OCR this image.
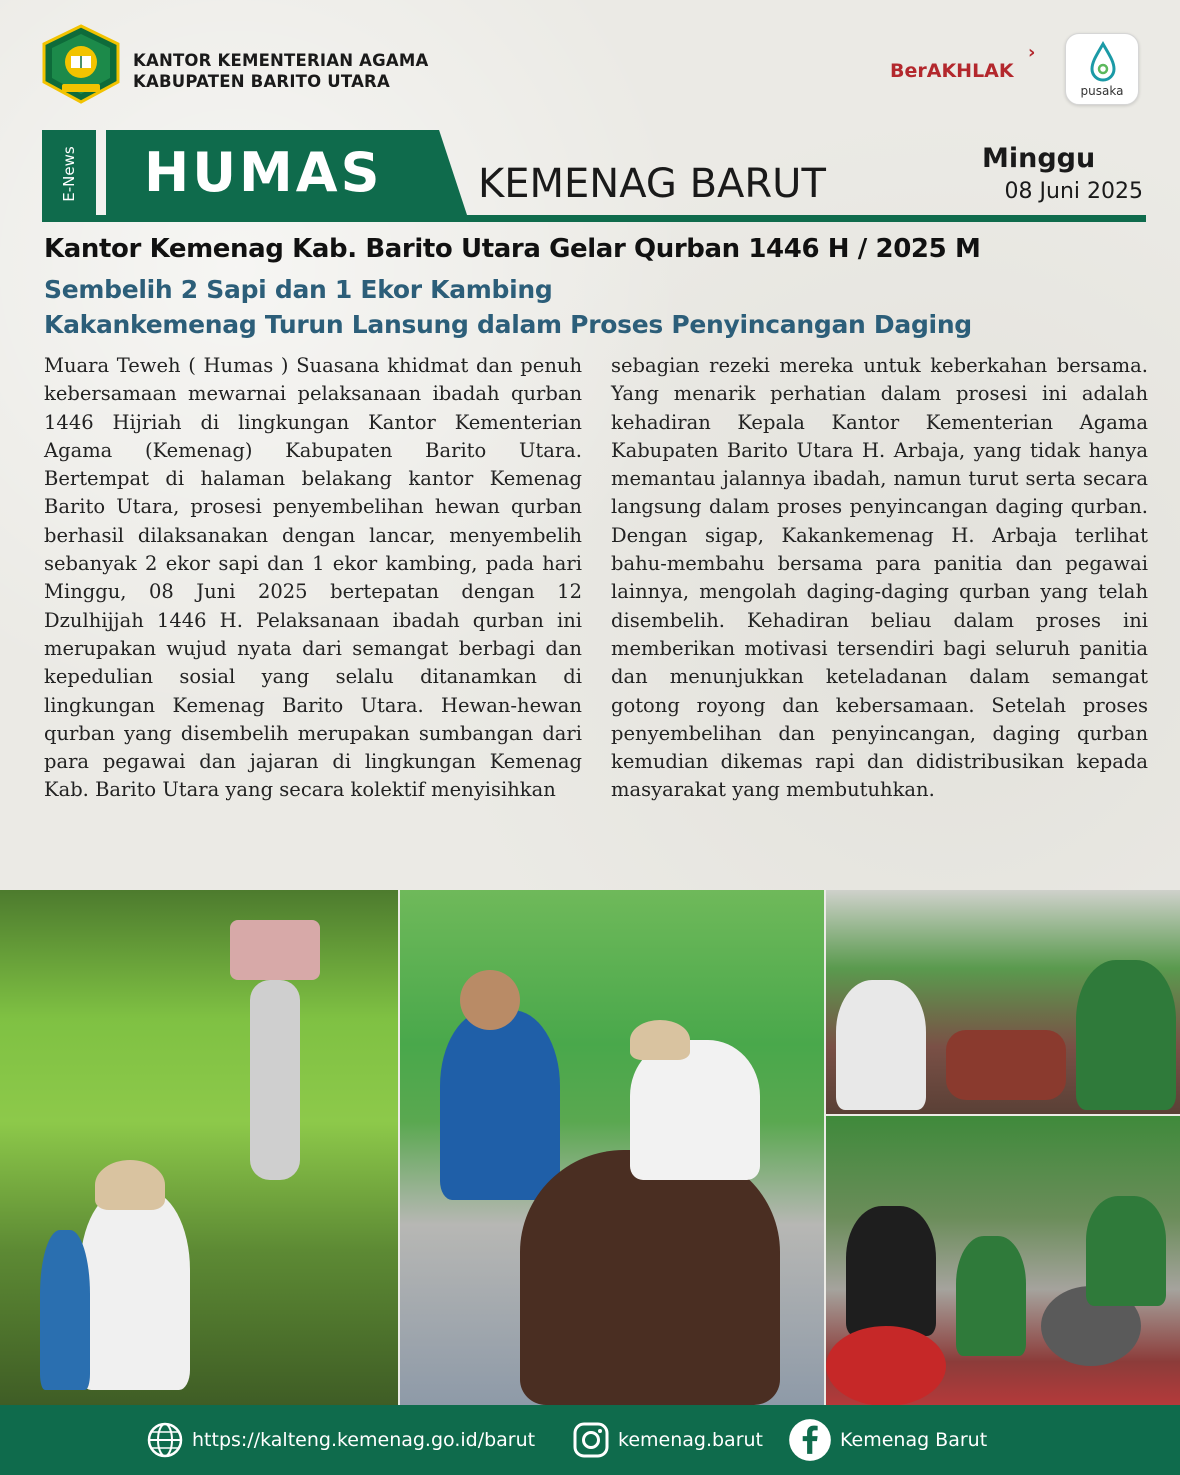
KANTOR KEMENTERIAN AGAMA
KABUPATEN BARITO UTARA	BerAKHLAK
›
pusaka
E-News HUMAS KEMENAG BARUT
Minggu
08 Juni 2025
Kantor Kemenag Kab. Barito Utara Gelar Qurban 1446 H / 2025 M
Sembelih 2 Sapi dan 1 Ekor Kambing
Kakankemenag Turun Lansung dalam Proses Penyincangan Daging
Muara Teweh ( Humas ) Suasana khidmat dan penuh kebersamaan mewarnai pelaksanaan ibadah qurban 1446 Hijriah di lingkungan Kantor Kementerian Agama (Kemenag) Kabupaten Barito Utara. Bertempat di halaman belakang kantor Kemenag Barito Utara, prosesi penyembelihan hewan qurban berhasil dilaksanakan dengan lancar, menyembelih sebanyak 2 ekor sapi dan 1 ekor kambing, pada hari Minggu, 08 Juni 2025 bertepatan dengan 12 Dzulhijjah 1446 H. Pelaksanaan ibadah qurban ini merupakan wujud nyata dari semangat berbagi dan kepedulian sosial yang selalu ditanamkan di lingkungan Kemenag Barito Utara. Hewan-hewan qurban yang disembelih merupakan sumbangan dari para pegawai dan jajaran di lingkungan Kemenag Kab. Barito Utara yang secara kolektif menyisihkan
sebagian rezeki mereka untuk keberkahan bersama. Yang menarik perhatian dalam prosesi ini adalah kehadiran Kepala Kantor Kementerian Agama Kabupaten Barito Utara H. Arbaja, yang tidak hanya memantau jalannya ibadah, namun turut serta secara langsung dalam proses penyincangan daging qurban. Dengan sigap, Kakankemenag H. Arbaja terlihat bahu-membahu bersama para panitia dan pegawai lainnya, mengolah daging-daging qurban yang telah disembelih. Kehadiran beliau dalam proses ini memberikan motivasi tersendiri bagi seluruh panitia dan menunjukkan keteladanan dalam semangat gotong royong dan kebersamaan. Setelah proses penyembelihan dan penyincangan, daging qurban kemudian dikemas rapi dan didistribusikan kepada masyarakat yang membutuhkan.
https://kalteng.kemenag.go.id/barut	kemenag.barut	Kemenag Barut
